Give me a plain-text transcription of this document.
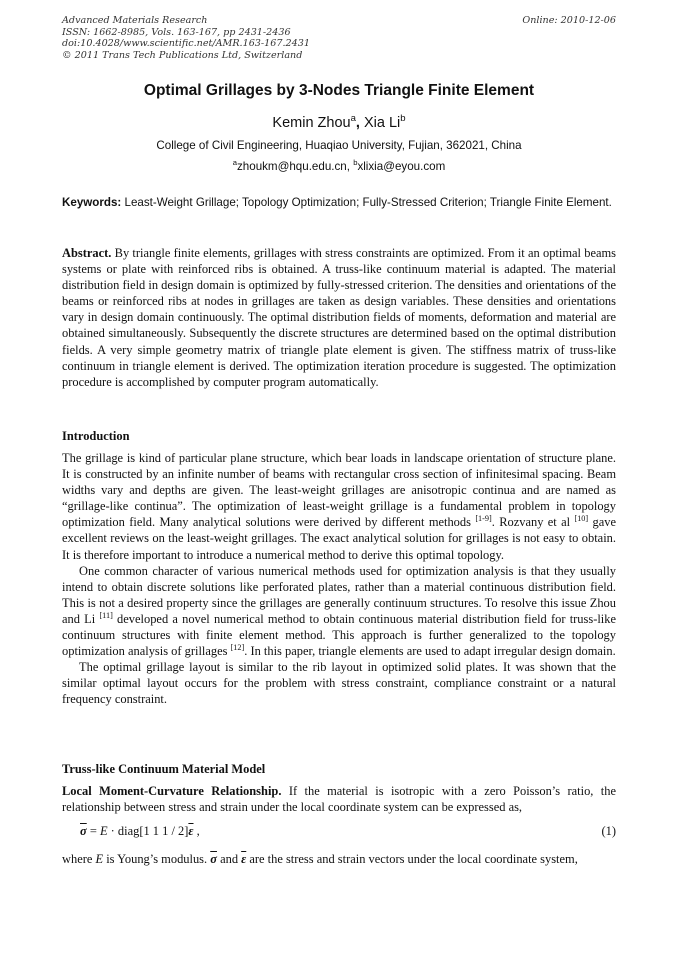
Advanced Materials Research
ISSN: 1662-8985, Vols. 163-167, pp 2431-2436
doi:10.4028/www.scientific.net/AMR.163-167.2431
© 2011 Trans Tech Publications Ltd, Switzerland
Online: 2010-12-06
Optimal Grillages by 3-Nodes Triangle Finite Element
Kemin Zhou$^a$, Xia Li$^b$
College of Civil Engineering, Huaqiao University, Fujian, 362021, China
$^a$zhoukm@hqu.edu.cn, $^b$xlixia@eyou.com
Keywords: Least-Weight Grillage; Topology Optimization; Fully-Stressed Criterion; Triangle Finite Element.
Abstract. By triangle finite elements, grillages with stress constraints are optimized. From it an optimal beams systems or plate with reinforced ribs is obtained. A truss-like continuum material is adapted. The material distribution field in design domain is optimized by fully-stressed criterion. The densities and orientations of the beams or reinforced ribs at nodes in grillages are taken as design variables. These densities and orientations vary in design domain continuously. The optimal distribution fields of moments, deformation and material are obtained simultaneously. Subsequently the discrete structures are determined based on the optimal distribution fields. A very simple geometry matrix of triangle plate element is given. The stiffness matrix of truss-like continuum in triangle element is derived. The optimization iteration procedure is suggested. The optimization procedure is accomplished by computer program automatically.
Introduction

The grillage is kind of particular plane structure, which bear loads in landscape orientation of structure plane. It is constructed by an infinite number of beams with rectangular cross section of infinitesimal spacing. Beam widths vary and depths are given. The least-weight grillages are anisotropic continua and are named as “grillage-like continua”. The optimization of least-weight grillage is a fundamental problem in topology optimization field. Many analytical solutions were derived by different methods [1-9]. Rozvany et al [10] gave excellent reviews on the least-weight grillages. The exact analytical solution for grillages is not easy to obtain. It is therefore important to introduce a numerical method to derive this optimal topology.

One common character of various numerical methods used for optimization analysis is that they usually intend to obtain discrete solutions like perforated plates, rather than a material continuous distribution field. This is not a desired property since the grillages are generally continuum structures. To resolve this issue Zhou and Li [11] developed a novel numerical method to obtain continuous material distribution field for truss-like continuum structures with finite element method. This approach is further generalized to the topology optimization analysis of grillages [12]. In this paper, triangle elements are used to adapt irregular design domain.

The optimal grillage layout is similar to the rib layout in optimized solid plates. It was shown that the similar optimal layout occurs for the problem with stress constraint, compliance constraint or a natural frequency constraint.

Truss-like Continuum Material Model
Local Moment-Curvature Relationship. If the material is isotropic with a zero Poisson’s ratio, the relationship between stress and strain under the local coordinate system can be expressed as,
$\overline{\sigma} = E$ · diag[1 1 $1 / 2]\overline{\varepsilon}$ ,	(1)
where E is Young’s modulus. $\overline{\sigma}$ and $\overline{\varepsilon}$ are the stress and strain vectors under the local coordinate system,
